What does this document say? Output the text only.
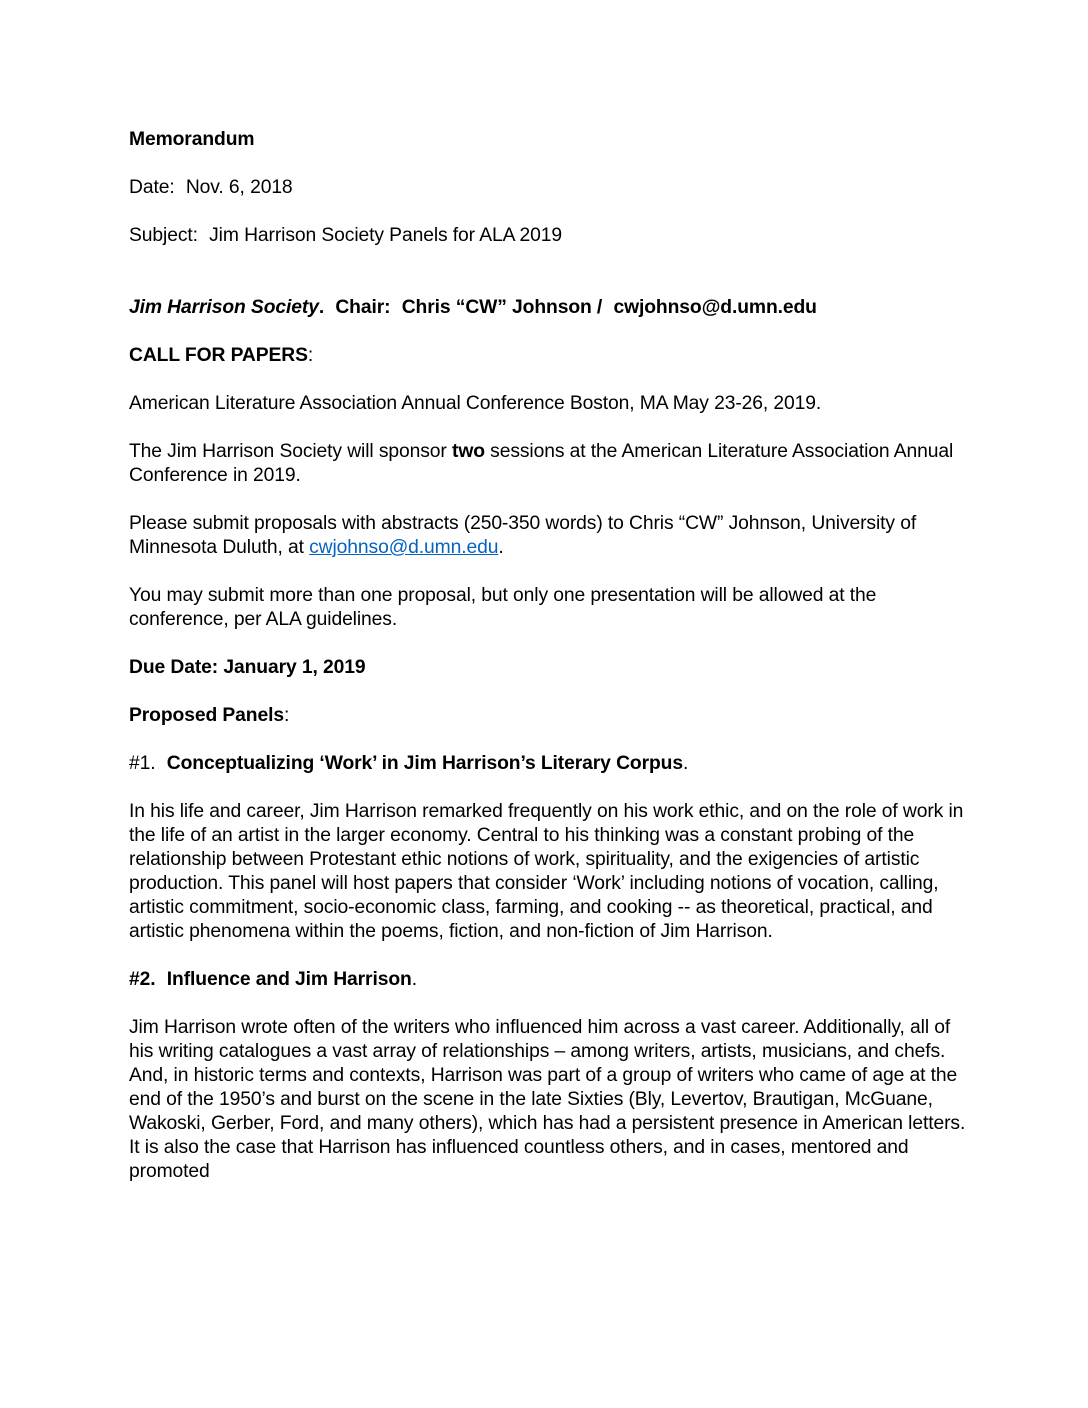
Memorandum

Date: Nov. 6, 2018

Subject: Jim Harrison Society Panels for ALA 2019

Jim Harrison Society. Chair: Chris “CW” Johnson / cwjohnso@d.umn.edu

CALL FOR PAPERS:

American Literature Association Annual Conference Boston, MA May 23-26, 2019.

The Jim Harrison Society will sponsor two sessions at the American Literature Association Annual Conference in 2019.

Please submit proposals with abstracts (250-350 words) to Chris “CW” Johnson, University of Minnesota Duluth, at cwjohnso@d.umn.edu.

You may submit more than one proposal, but only one presentation will be allowed at the conference, per ALA guidelines.

Due Date: January 1, 2019

Proposed Panels:

#1. Conceptualizing ‘Work’ in Jim Harrison’s Literary Corpus.

In his life and career, Jim Harrison remarked frequently on his work ethic, and on the role of work in the life of an artist in the larger economy. Central to his thinking was a constant probing of the relationship between Protestant ethic notions of work, spirituality, and the exigencies of artistic production. This panel will host papers that consider ‘Work’ including notions of vocation, calling, artistic commitment, socio-economic class, farming, and cooking -- as theoretical, practical, and artistic phenomena within the poems, fiction, and non-fiction of Jim Harrison.

#2. Influence and Jim Harrison.

Jim Harrison wrote often of the writers who influenced him across a vast career. Additionally, all of his writing catalogues a vast array of relationships – among writers, artists, musicians, and chefs. And, in historic terms and contexts, Harrison was part of a group of writers who came of age at the end of the 1950’s and burst on the scene in the late Sixties (Bly, Levertov, Brautigan, McGuane, Wakoski, Gerber, Ford, and many others), which has had a persistent presence in American letters. It is also the case that Harrison has influenced countless others, and in cases, mentored and promoted
